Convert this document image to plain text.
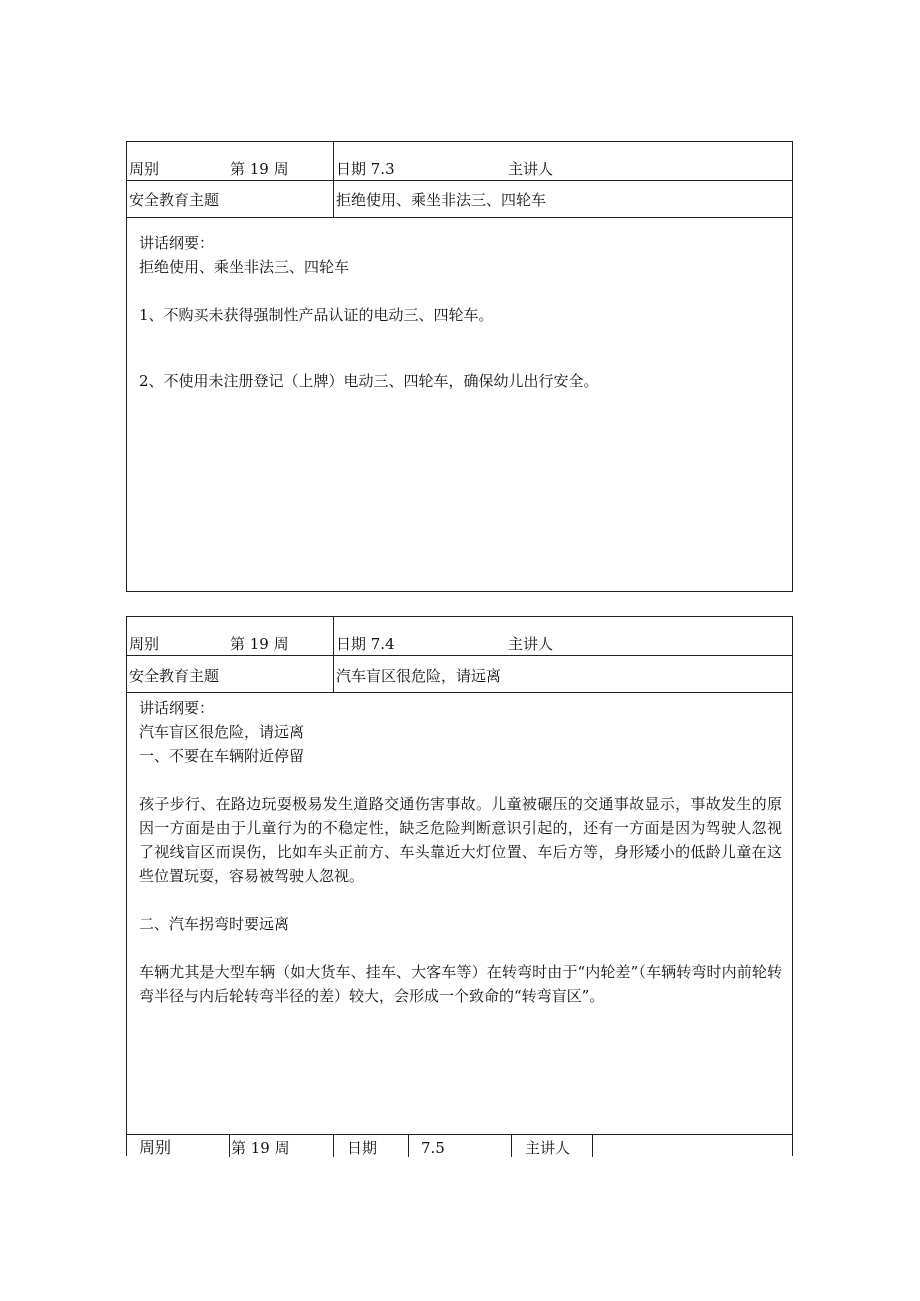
周别	第 19 周	日期 7.3	主讲人
安全教育主题	拒绝使用、乘坐非法三、四轮车

讲话纲要：

拒绝使用、乘坐非法三、四轮车

1、不购买未获得强制性产品认证的电动三、四轮车。

2、不使用未注册登记（上牌）电动三、四轮车，确保幼儿出行安全。

周别	第 19 周	日期 7.4	主讲人
安全教育主题	汽车盲区很危险，请远离

讲话纲要：

汽车盲区很危险，请远离

一、不要在车辆附近停留

孩子步行、在路边玩耍极易发生道路交通伤害事故。儿童被碾压的交通事故显示，事故发生的原因一方面是由于儿童行为的不稳定性，缺乏危险判断意识引起的，还有一方面是因为驾驶人忽视了视线盲区而误伤，比如车头正前方、车头靠近大灯位置、车后方等，身形矮小的低龄儿童在这些位置玩耍，容易被驾驶人忽视。

二、汽车拐弯时要远离

车辆尤其是大型车辆（如大货车、挂车、大客车等）在转弯时由于“内轮差”（车辆转弯时内前轮转弯半径与内后轮转弯半径的差）较大，会形成一个致命的“转弯盲区”。

周别	第 19 周	日期	7.5	主讲人
